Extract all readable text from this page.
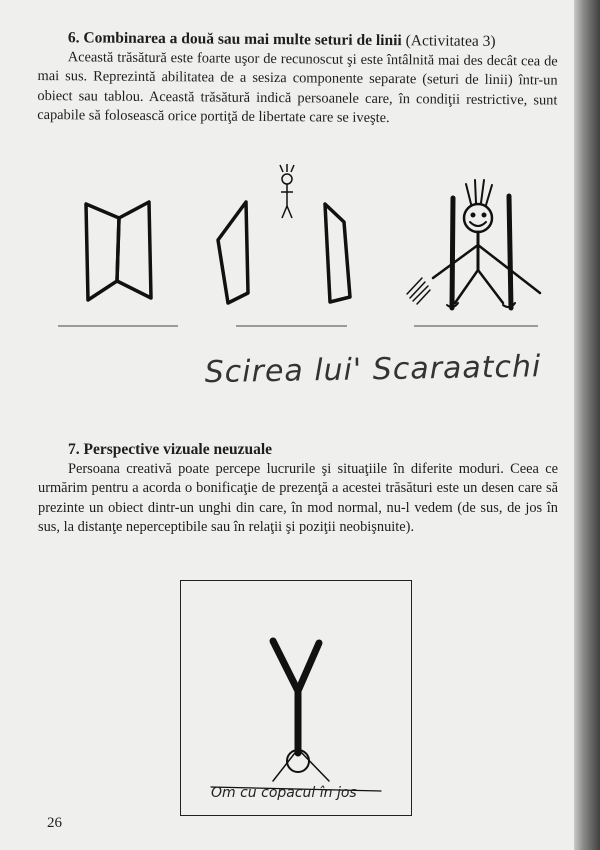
6. Combinarea a două sau mai multe seturi de linii (Activitatea 3)

Această trăsătură este foarte uşor de recunoscut şi este întâlnită mai des decât cea de mai sus. Reprezintă abilitatea de a sesiza componente separate (seturi de linii) într-un obiect sau tablou. Această trăsătură indică persoanele care, în condiţii restrictive, sunt capabile să folosească orice portiţă de libertate care se iveşte.

Scirea lui' Scaraatchi

7. Perspective vizuale neuzuale

Persoana creativă poate percepe lucrurile şi situaţiile în diferite moduri. Ceea ce urmărim pentru a acorda o bonificaţie de prezenţă a acestei trăsături este un desen care să prezinte un obiect dintr-un unghi din care, în mod normal, nu-l vedem (de sus, de jos în sus, la distanţe neperceptibile sau în relaţii şi poziţii neobişnuite).

Om cu copacul în jos
26
